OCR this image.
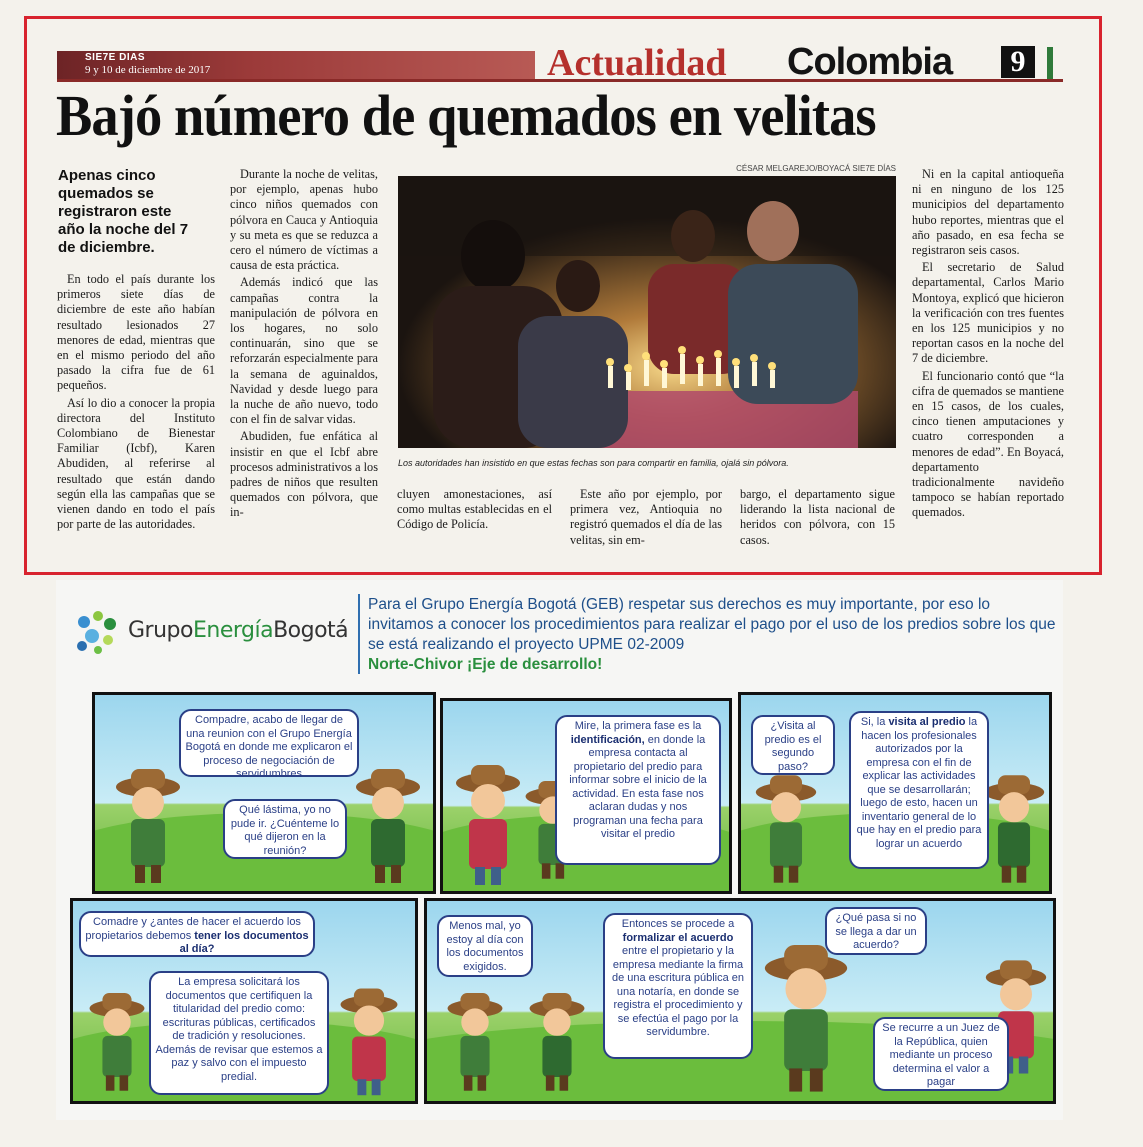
SIE7E DIAS
9 y 10 de diciembre de 2017	Actualidad Colombia	9
Bajó número de quemados en velitas
Apenas cinco quemados se registraron este año la noche del 7 de diciembre.

En todo el país durante los primeros siete días de diciembre de este año habían resultado lesionados 27 menores de edad, mientras que en el mismo periodo del año pasado la cifra fue de 61 pequeños.

Así lo dio a conocer la propia directora del Instituto Colombiano de Bienestar Familiar (Icbf), Karen Abudiden, al referirse al resultado que están dando según ella las campañas que se vienen dando en todo el país por parte de las autoridades.

Durante la noche de velitas, por ejemplo, apenas hubo cinco niños quemados con pólvora en Cauca y Antioquia y su meta es que se reduzca a cero el número de víctimas a causa de esta práctica.

Además indicó que las campañas contra la manipulación de pólvora en los hogares, no solo continuarán, sino que se reforzarán especialmente para la semana de aguinaldos, Navidad y desde luego para la nuche de año nuevo, todo con el fin de salvar vidas.

Abudiden, fue enfática al insistir en que el Icbf abre procesos administrativos a los padres de niños que resulten quemados con pólvora, que in-

CÉSAR MELGAREJO/BOYACÁ SIE7E DÍAS
Los autoridades han insistido en que estas fechas son para compartir en familia, ojalá sin pólvora.

cluyen amonestaciones, así como multas establecidas en el Código de Policía.

Este año por ejemplo, por primera vez, Antioquia no registró quemados el día de las velitas, sin em-

bargo, el departamento sigue liderando la lista nacional de heridos con pólvora, con 15 casos.

Ni en la capital antioqueña ni en ninguno de los 125 municipios del departamento hubo reportes, mientras que el año pasado, en esa fecha se registraron seis casos.

El secretario de Salud departamental, Carlos Mario Montoya, explicó que hicieron la verificación con tres fuentes en los 125 municipios y no reportan casos en la noche del 7 de diciembre.

El funcionario contó que “la cifra de quemados se mantiene en 15 casos, de los cuales, cinco tienen amputaciones y cuatro corresponden a menores de edad”. En Boyacá, departamento tradicionalmente navideño tampoco se habían reportado quemados.

GrupoEnergíaBogotá
Para el Grupo Energía Bogotá (GEB) respetar sus derechos es muy importante, por eso lo invitamos a conocer los procedimientos para realizar el pago por el uso de los predios sobre los que se está realizando el proyecto UPME 02-2009
Norte-Chivor ¡Eje de desarrollo!
Compadre, acabo de llegar de una reunion con el Grupo Energía Bogotá en donde me explicaron el proceso de negociación de servidumbres
Qué lástima, yo no pude ir. ¿Cuénteme lo qué dijeron en la reunión?
Mire, la primera fase es la identificación, en donde la empresa contacta al propietario del predio para informar sobre el inicio de la actividad. En esta fase nos aclaran dudas y nos programan una fecha para visitar el predio
¿Visita al predio es el segundo paso?
Si, la visita al predio la hacen los profesionales autorizados por la empresa con el fin de explicar las actividades que se desarrollarán; luego de esto, hacen un inventario general de lo que hay en el predio para lograr un acuerdo
Comadre y ¿antes de hacer el acuerdo los propietarios debemos tener los documentos al día?
La empresa solicitará los documentos que certifiquen la titularidad del predio como: escrituras públicas, certificados de tradición y resoluciones. Además de revisar que estemos a paz y salvo con el impuesto predial.
Menos mal, yo estoy al día con los documentos exigidos.
Entonces se procede a formalizar el acuerdo entre el propietario y la empresa mediante la firma de una escritura pública en una notaría, en donde se registra el procedimiento y se efectúa el pago por la servidumbre.
¿Qué pasa si no se llega a dar un acuerdo?
Se recurre a un Juez de la República, quien mediante un proceso determina el valor a pagar
